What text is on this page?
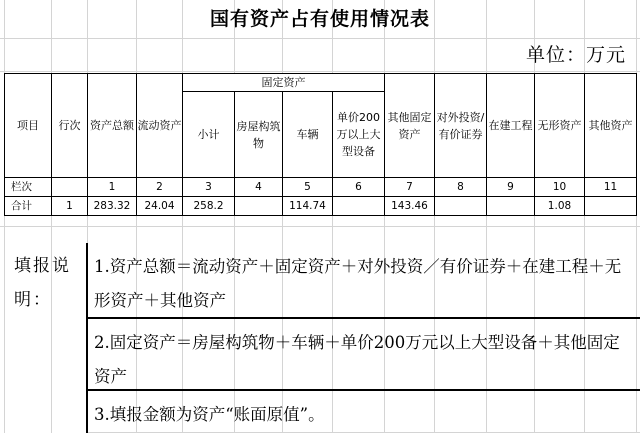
国有资产占有使用情况表
单位：万元
项目	行次	资产总额	流动资产	固定资产				其他固定资产	对外投资/有价证券	在建工程	无形资产	其他资产
				小计	房屋构筑物	车辆	单价200万以上大型设备					
栏次		1	2	3	4	5	6	7	8	9	10	11
合计	1	283.32	24.04	258.2		114.74		143.46			1.08	
填报说明：
1.资产总额＝流动资产＋固定资产＋对外投资／有价证券＋在建工程＋无形资产＋其他资产
2.固定资产＝房屋构筑物＋车辆＋单价200万元以上大型设备＋其他固定资产
3.填报金额为资产“账面原值”。
